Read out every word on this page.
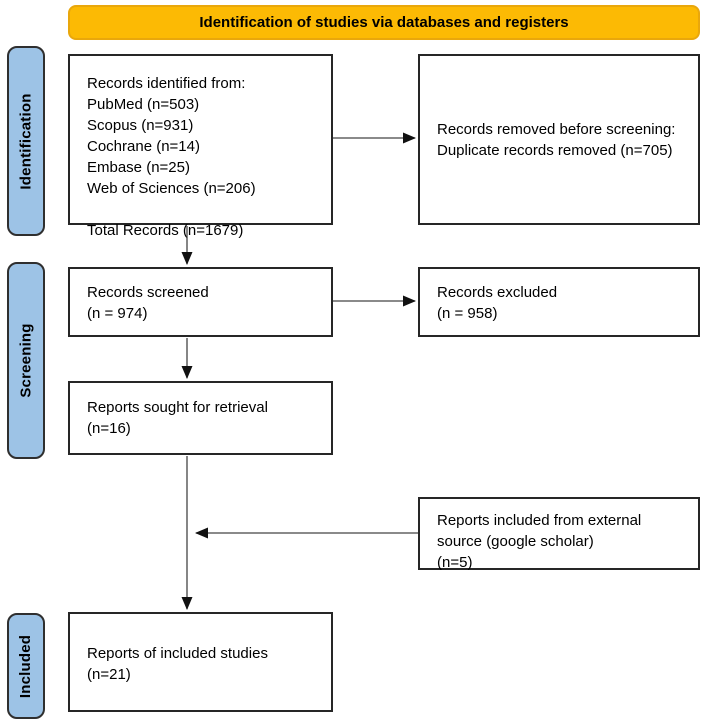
Identification of studies via databases and registers
Identification
Screening
Included
Records identified from:
PubMed (n=503)
Scopus (n=931)
Cochrane (n=14)
Embase (n=25)
Web of Sciences (n=206)
Total Records (n=1679)
Records removed before screening:
Duplicate records removed (n=705)
Records screened
(n = 974)
Records excluded
(n = 958)
Reports sought for retrieval
(n=16)
Reports included from external source (google scholar)
(n=5)
Reports of included studies
(n=21)
